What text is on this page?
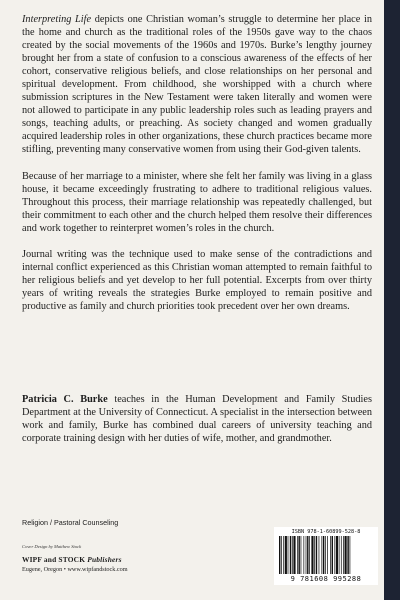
Interpreting Life depicts one Christian woman’s struggle to determine her place in the home and church as the traditional roles of the 1950s gave way to the chaos created by the social movements of the 1960s and 1970s. Burke’s lengthy journey brought her from a state of confusion to a conscious awareness of the effects of her cohort, conservative religious beliefs, and close relationships on her personal and spiritual development. From childhood, she worshipped with a church where submission scriptures in the New Testament were taken literally and women were not allowed to participate in any public leadership roles such as leading prayers and songs, teaching adults, or preaching. As society changed and women gradually acquired leadership roles in other organizations, these church practices became more stifling, preventing many conservative women from using their God-given talents.

Because of her marriage to a minister, where she felt her family was living in a glass house, it became exceedingly frustrating to adhere to traditional religious values. Throughout this process, their marriage relationship was repeatedly challenged, but their commitment to each other and the church helped them resolve their differences and work together to reinterpret women’s roles in the church.

Journal writing was the technique used to make sense of the contradictions and internal conflict experienced as this Christian woman attempted to remain faithful to her religious beliefs and yet develop to her full potential. Excerpts from over thirty years of writing reveals the strategies Burke employed to remain positive and productive as family and church priorities took precedent over her own dreams.

Patricia C. Burke teaches in the Human Development and Family Studies Department at the University of Connecticut. A specialist in the intersection between work and family, Burke has combined dual careers of university teaching and corporate training design with her duties of wife, mother, and grandmother.

Religion / Pastoral Counseling
Cover Design by Matthew Stock
WIPF and STOCK Publishers
Eugene, Oregon • www.wipfandstock.com
ISBN 978-1-60899-528-8
9 781608 995288
